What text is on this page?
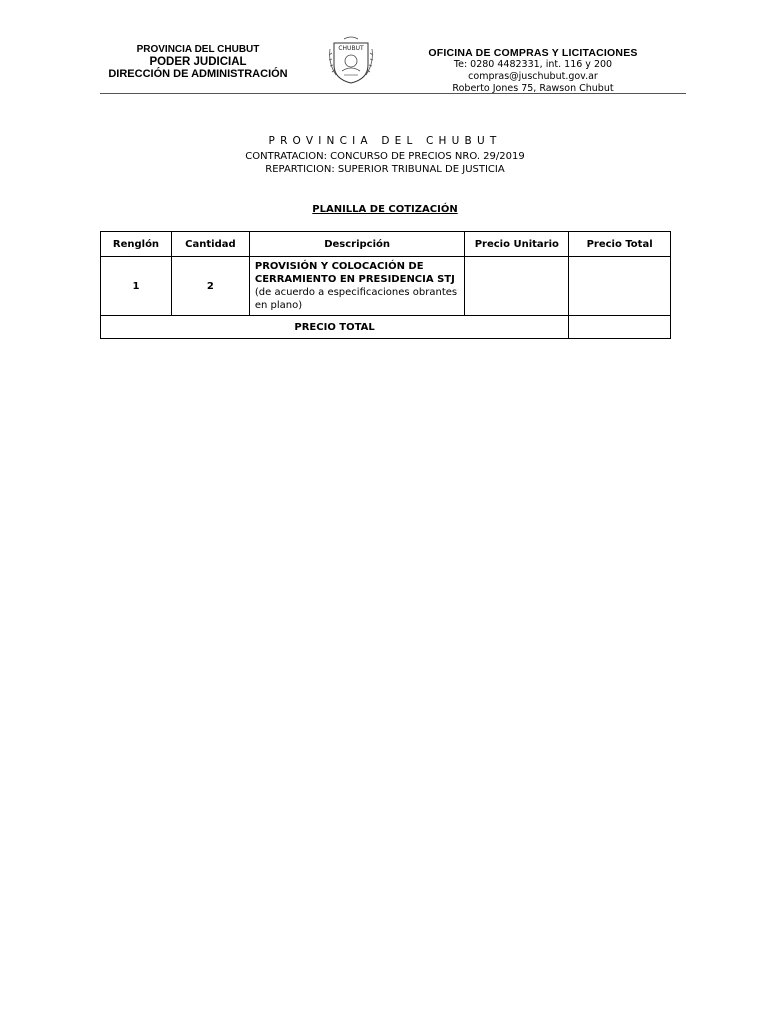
PROVINCIA DEL CHUBUT
PODER JUDICIAL
DIRECCIÓN DE ADMINISTRACIÓN
CHUBUT	OFICINA DE COMPRAS Y LICITACIONES
Te: 0280 4482331, int. 116 y 200
compras@juschubut.gov.ar
Roberto Jones 75, Rawson Chubut
PROVINCIA DEL CHUBUT
CONTRATACION: CONCURSO DE PRECIOS NRO. 29/2019
REPARTICION: SUPERIOR TRIBUNAL DE JUSTICIA
PLANILLA DE COTIZACIÓN
Renglón	Cantidad	Descripción	Precio Unitario	Precio Total
1	2	PROVISIÓN Y COLOCACIÓN DE CERRAMIENTO EN PRESIDENCIA STJ (de acuerdo a especificaciones obrantes en plano)		
PRECIO TOTAL				
